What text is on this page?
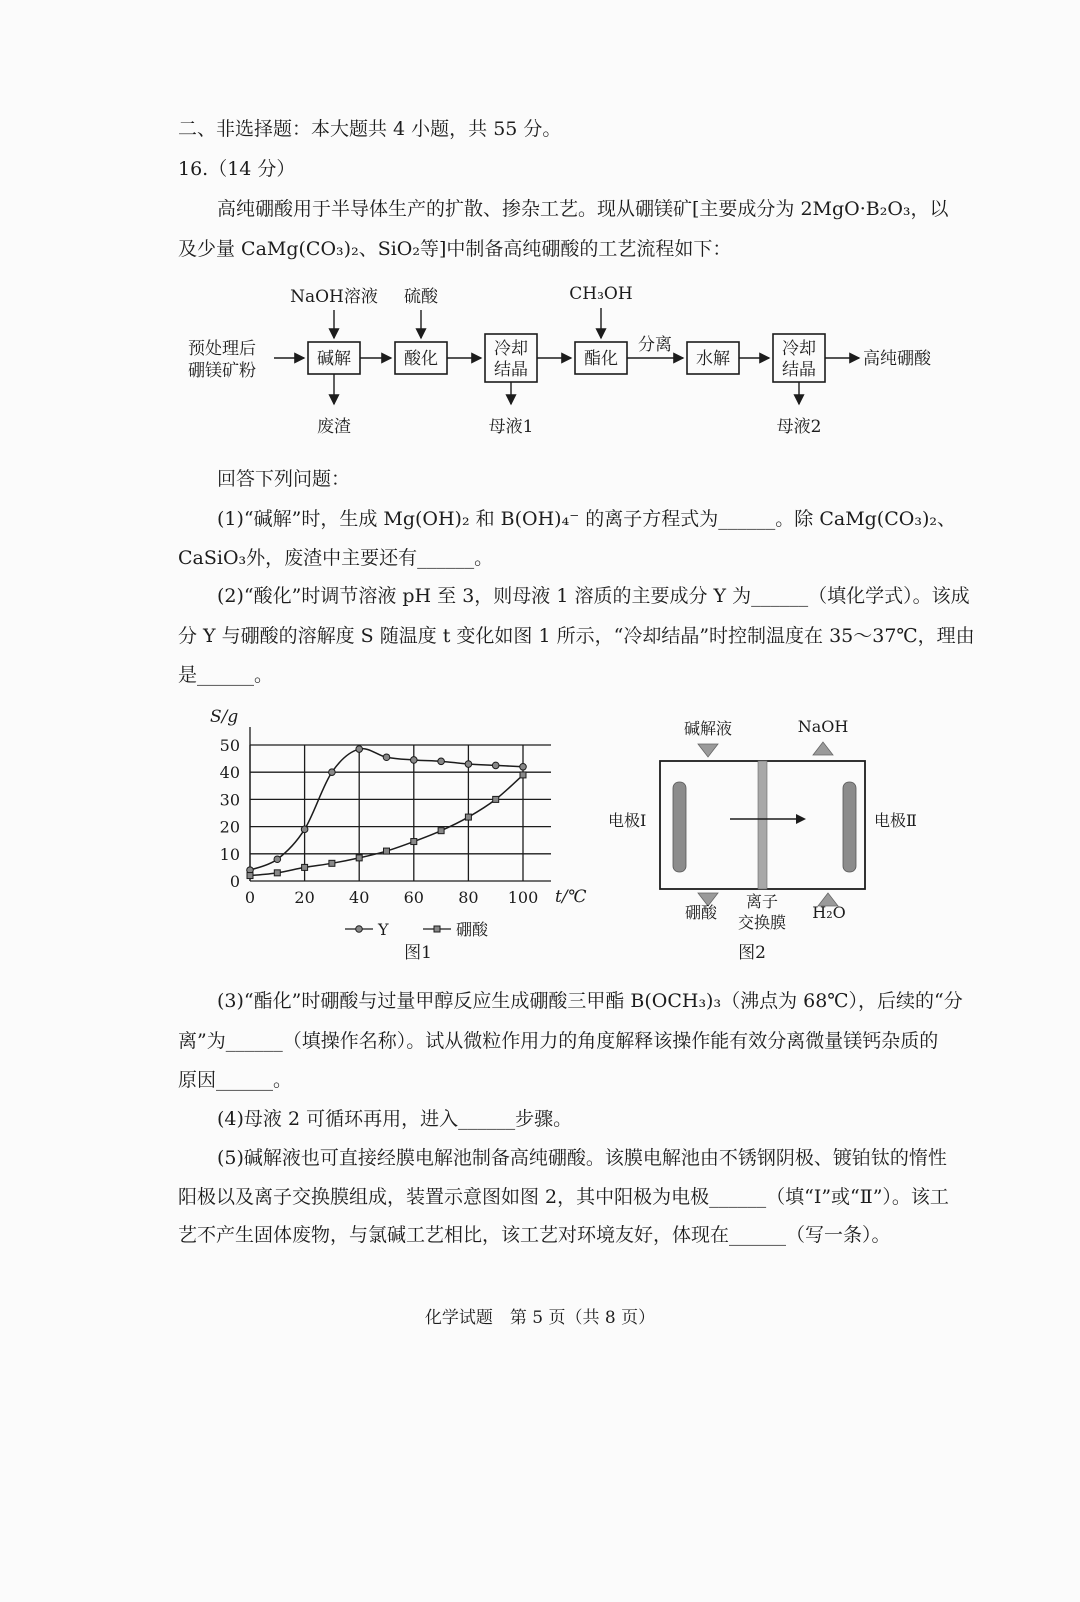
二、非选择题：本大题共 4 小题，共 55 分。
16.（14 分）
高纯硼酸用于半导体生产的扩散、掺杂工艺。现从硼镁矿[主要成分为 2MgO·B₂O₃，以
及少量 CaMg(CO₃)₂、SiO₂等]中制备高纯硼酸的工艺流程如下：
预处理后
硼镁矿粉
碱解	酸化	冷却
结晶
酯化
分离
水解	冷却
结晶
高纯硼酸
NaOH溶液 硫酸	CH₃OH
废渣	母液1	母液2
回答下列问题：
(1)“碱解”时，生成 Mg(OH)₂ 和 B(OH)₄⁻ 的离子方程式为______。除 CaMg(CO₃)₂、
CaSiO₃外，废渣中主要还有______。
(2)“酸化”时调节溶液 pH 至 3，则母液 1 溶质的主要成分 Y 为______（填化学式）。该成
分 Y 与硼酸的溶解度 S 随温度 t 变化如图 1 所示，“冷却结晶”时控制温度在 35～37℃，理由
是______。
0 20 40 60 80 100
0
10
20
30
40
50
S/g
t/℃
Y	硼酸
图1
碱解液	NaOH
电极Ⅰ	电极Ⅱ
硼酸
离子
交换膜
H₂O
图2
(3)“酯化”时硼酸与过量甲醇反应生成硼酸三甲酯 B(OCH₃)₃（沸点为 68℃），后续的“分
离”为______（填操作名称）。试从微粒作用力的角度解释该操作能有效分离微量镁钙杂质的
原因______。
(4)母液 2 可循环再用，进入______步骤。
(5)碱解液也可直接经膜电解池制备高纯硼酸。该膜电解池由不锈钢阴极、镀铂钛的惰性
阳极以及离子交换膜组成，装置示意图如图 2，其中阳极为电极______（填“Ⅰ”或“Ⅱ”）。该工
艺不产生固体废物，与氯碱工艺相比，该工艺对环境友好，体现在______（写一条）。
化学试题　第 5 页（共 8 页）
